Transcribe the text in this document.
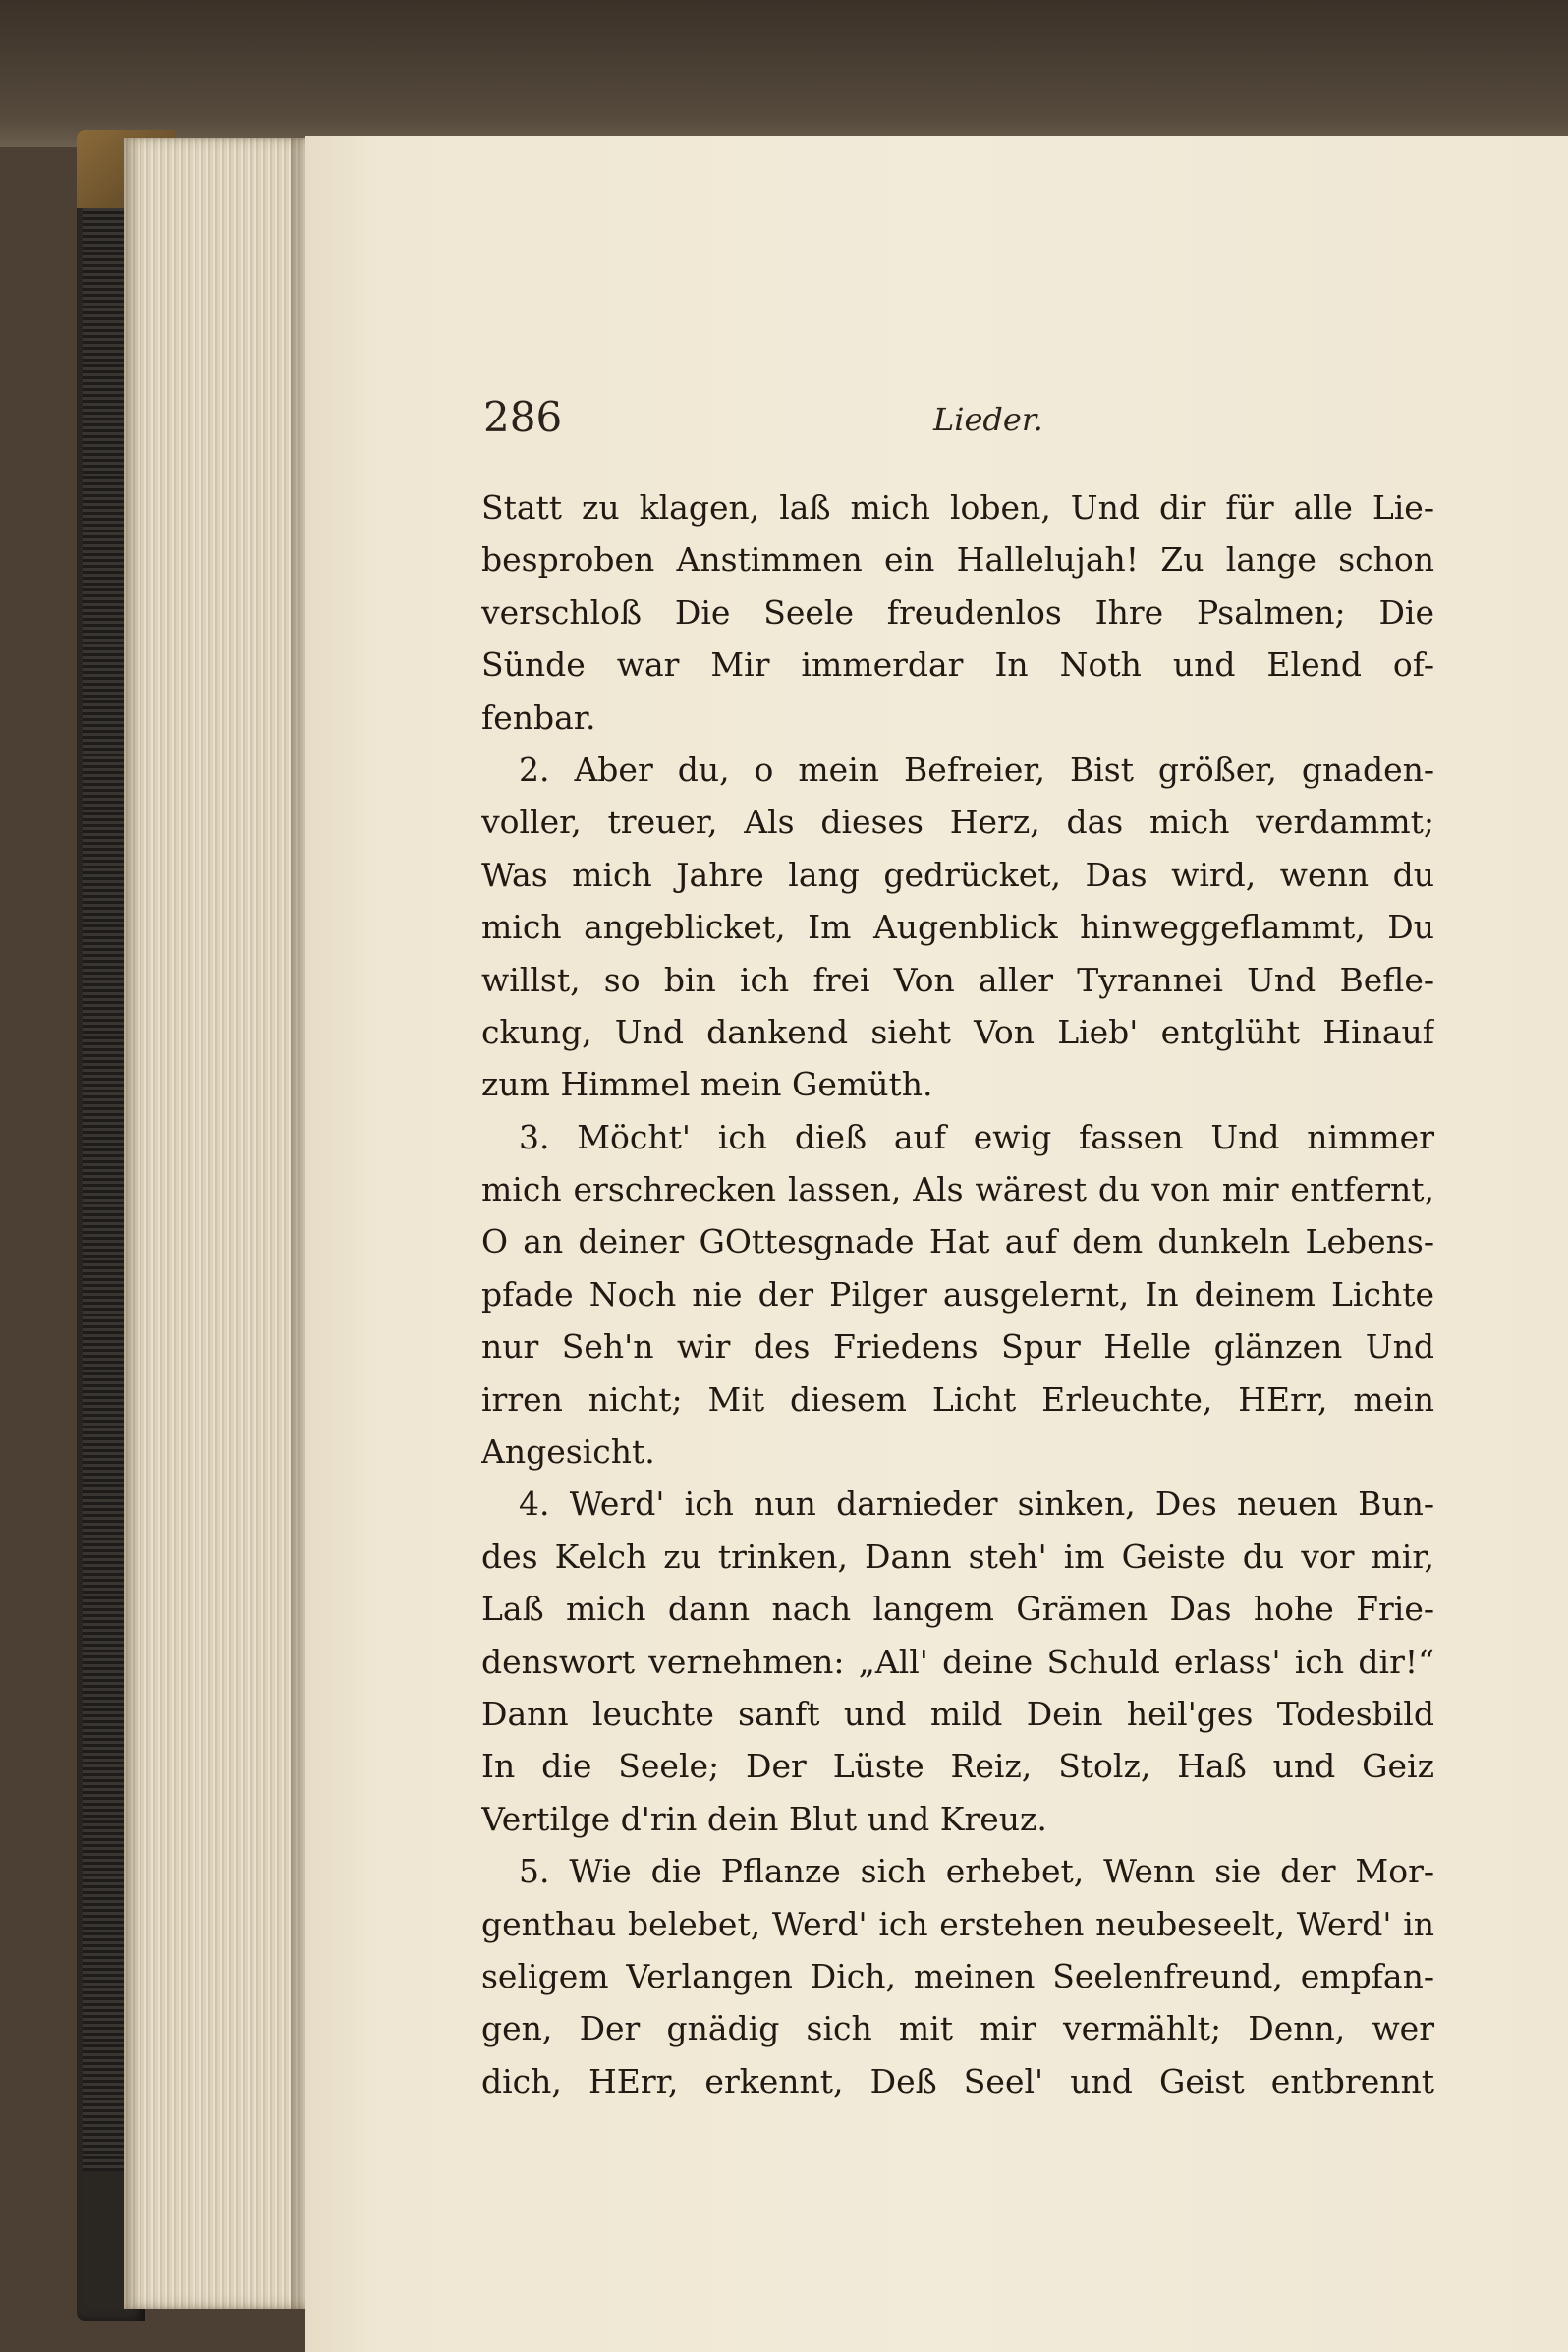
286	Lieder.
Statt zu klagen, laß mich loben, Und dir für alle Lie-
besproben Anstimmen ein Hallelujah! Zu lange schon
verschloß Die Seele freudenlos Ihre Psalmen; Die
Sünde war Mir immerdar In Noth und Elend of-
fenbar.
2. Aber du, o mein Befreier, Bist größer, gnaden-
voller, treuer, Als dieses Herz, das mich verdammt;
Was mich Jahre lang gedrücket, Das wird, wenn du
mich angeblicket, Im Augenblick hinweggeflammt, Du
willst, so bin ich frei Von aller Tyrannei Und Befle-
ckung, Und dankend sieht Von Lieb' entglüht Hinauf
zum Himmel mein Gemüth.
3. Möcht' ich dieß auf ewig fassen Und nimmer
mich erschrecken lassen, Als wärest du von mir entfernt,
O an deiner GOttesgnade Hat auf dem dunkeln Lebens-
pfade Noch nie der Pilger ausgelernt, In deinem Lichte
nur Seh'n wir des Friedens Spur Helle glänzen Und
irren nicht; Mit diesem Licht Erleuchte, HErr, mein
Angesicht.
4. Werd' ich nun darnieder sinken, Des neuen Bun-
des Kelch zu trinken, Dann steh' im Geiste du vor mir,
Laß mich dann nach langem Grämen Das hohe Frie-
denswort vernehmen: „All' deine Schuld erlass' ich dir!“
Dann leuchte sanft und mild Dein heil'ges Todesbild
In die Seele; Der Lüste Reiz, Stolz, Haß und Geiz
Vertilge d'rin dein Blut und Kreuz.
5. Wie die Pflanze sich erhebet, Wenn sie der Mor-
genthau belebet, Werd' ich erstehen neubeseelt, Werd' in
seligem Verlangen Dich, meinen Seelenfreund, empfan-
gen, Der gnädig sich mit mir vermählt; Denn, wer
dich, HErr, erkennt, Deß Seel' und Geist entbrennt
